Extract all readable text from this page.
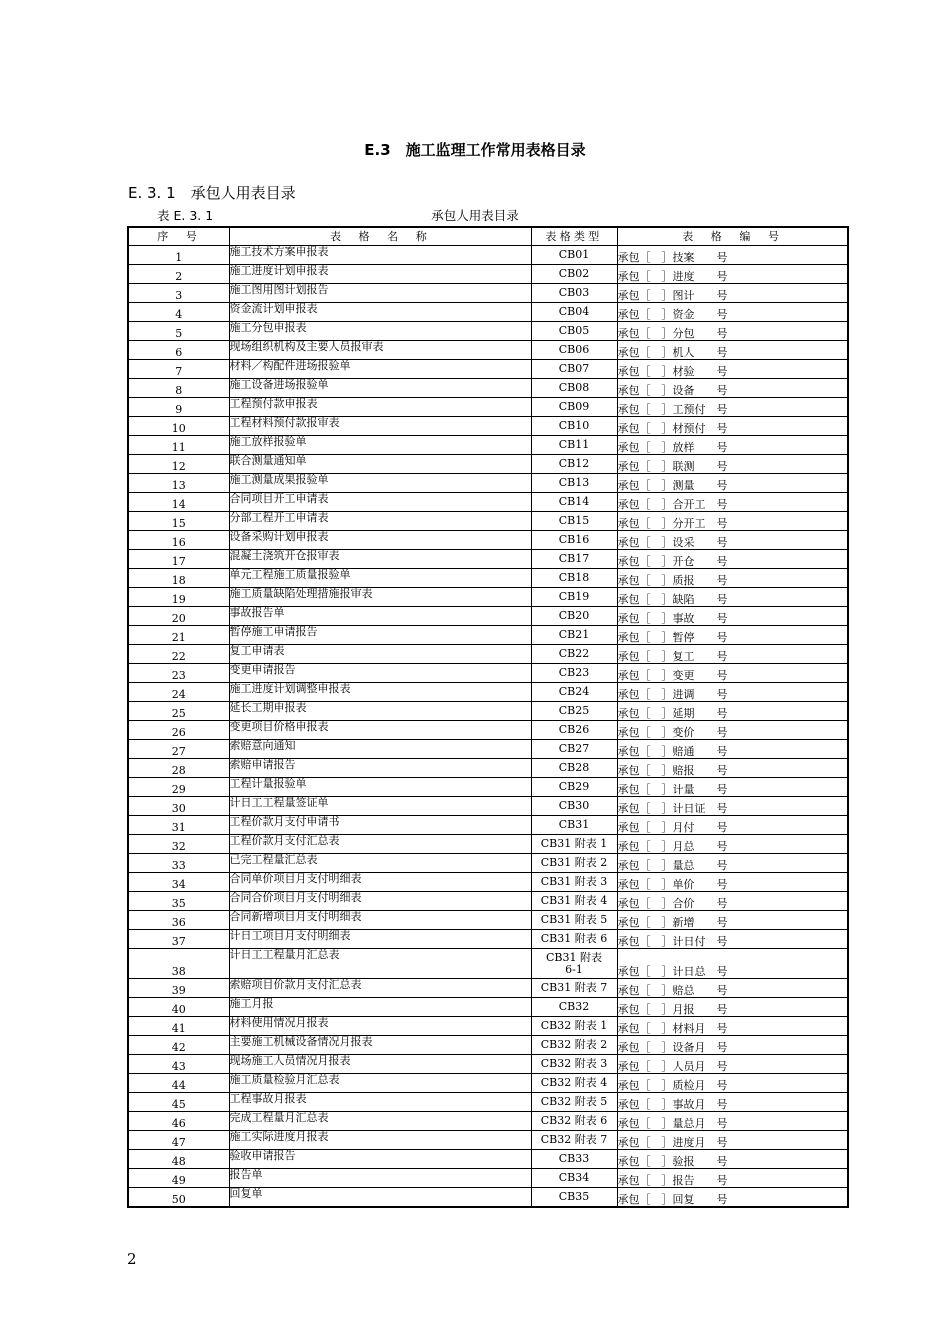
E.3　施工监理工作常用表格目录
E. 3. 1　承包人用表目录
表 E. 3. 1	承包人用表目录
序　号	表　格　名　称	表格类型	表　格　编　号
1	施工技术方案申报表	CB01	承包［　］技案　　号
2	施工进度计划申报表	CB02	承包［　］进度　　号
3	施工图用图计划报告	CB03	承包［　］图计　　号
4	资金流计划申报表	CB04	承包［　］资金　　号
5	施工分包申报表	CB05	承包［　］分包　　号
6	现场组织机构及主要人员报审表	CB06	承包［　］机人　　号
7	材料／构配件进场报验单	CB07	承包［　］材验　　号
8	施工设备进场报验单	CB08	承包［　］设备　　号
9	工程预付款申报表	CB09	承包［　］工预付　号
10	工程材料预付款报审表	CB10	承包［　］材预付　号
11	施工放样报验单	CB11	承包［　］放样　　号
12	联合测量通知单	CB12	承包［　］联测　　号
13	施工测量成果报验单	CB13	承包［　］测量　　号
14	合同项目开工申请表	CB14	承包［　］合开工　号
15	分部工程开工申请表	CB15	承包［　］分开工　号
16	设备采购计划申报表	CB16	承包［　］设采　　号
17	混凝土浇筑开仓报审表	CB17	承包［　］开仓　　号
18	单元工程施工质量报验单	CB18	承包［　］质报　　号
19	施工质量缺陷处理措施报审表	CB19	承包［　］缺陷　　号
20	事故报告单	CB20	承包［　］事故　　号
21	暂停施工申请报告	CB21	承包［　］暂停　　号
22	复工申请表	CB22	承包［　］复工　　号
23	变更申请报告	CB23	承包［　］变更　　号
24	施工进度计划调整申报表	CB24	承包［　］进调　　号
25	延长工期申报表	CB25	承包［　］延期　　号
26	变更项目价格申报表	CB26	承包［　］变价　　号
27	索赔意向通知	CB27	承包［　］赔通　　号
28	索赔申请报告	CB28	承包［　］赔报　　号
29	工程计量报验单	CB29	承包［　］计量　　号
30	计日工工程量签证单	CB30	承包［　］计日证　号
31	工程价款月支付申请书	CB31	承包［　］月付　　号
32	工程价款月支付汇总表	CB31 附表 1	承包［　］月总　　号
33	已完工程量汇总表	CB31 附表 2	承包［　］量总　　号
34	合同单价项目月支付明细表	CB31 附表 3	承包［　］单价　　号
35	合同合价项目月支付明细表	CB31 附表 4	承包［　］合价　　号
36	合同新增项目月支付明细表	CB31 附表 5	承包［　］新增　　号
37	计日工项目月支付明细表	CB31 附表 6	承包［　］计日付　号
38	计日工工程量月汇总表	CB31 附表 6-1	承包［　］计日总　号
39	索赔项目价款月支付汇总表	CB31 附表 7	承包［　］赔总　　号
40	施工月报	CB32	承包［　］月报　　号
41	材料使用情况月报表	CB32 附表 1	承包［　］材料月　号
42	主要施工机械设备情况月报表	CB32 附表 2	承包［　］设备月　号
43	现场施工人员情况月报表	CB32 附表 3	承包［　］人员月　号
44	施工质量检验月汇总表	CB32 附表 4	承包［　］质检月　号
45	工程事故月报表	CB32 附表 5	承包［　］事故月　号
46	完成工程量月汇总表	CB32 附表 6	承包［　］量总月　号
47	施工实际进度月报表	CB32 附表 7	承包［　］进度月　号
48	验收申请报告	CB33	承包［　］验报　　号
49	报告单	CB34	承包［　］报告　　号
50	回复单	CB35	承包［　］回复　　号
2
